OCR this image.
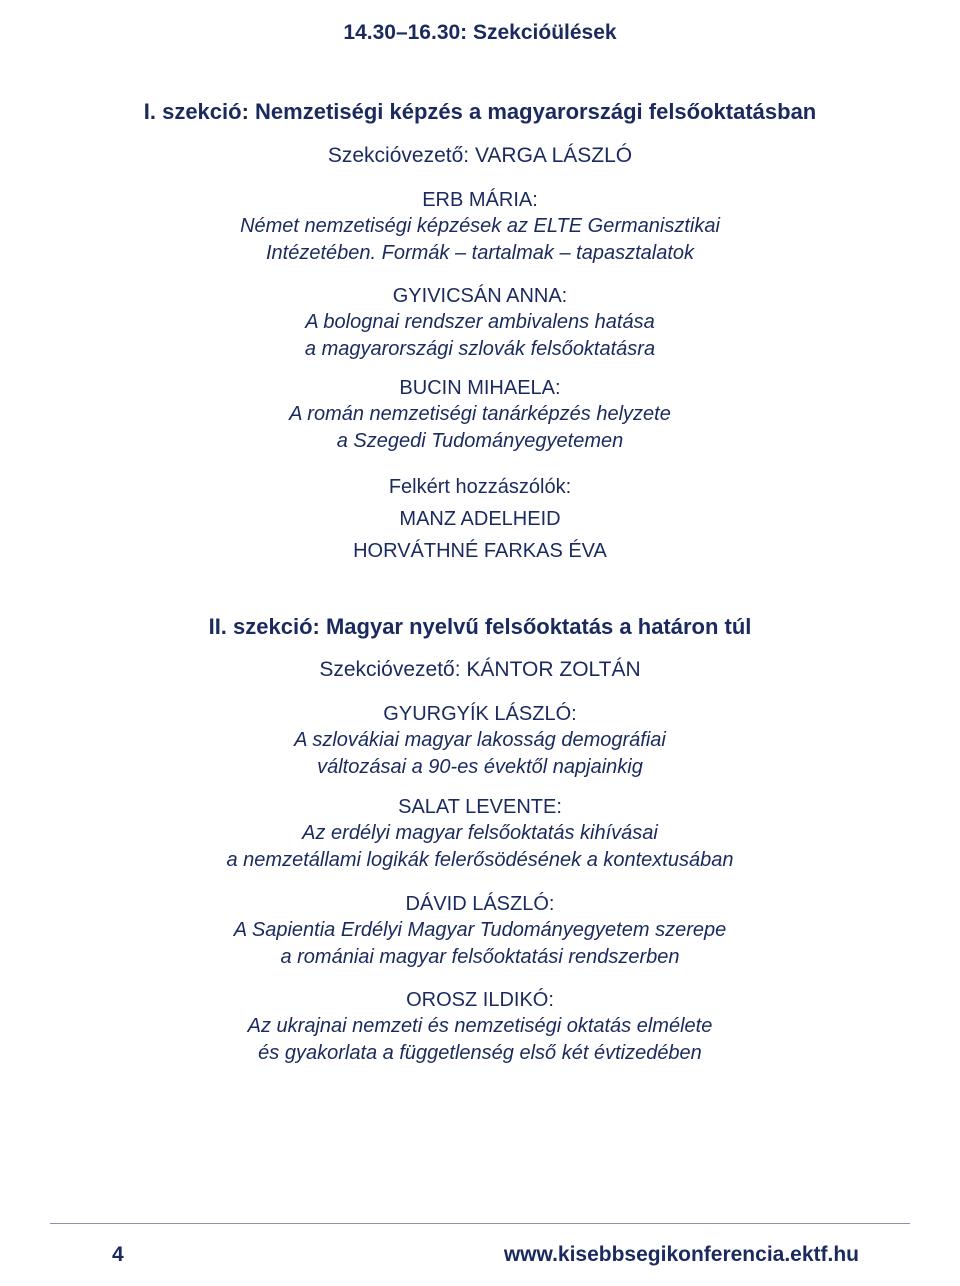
14.30–16.30: Szekcióülések
I. szekció: Nemzetiségi képzés a magyarországi felsőoktatásban
Szekcióvezető: VARGA LÁSZLÓ
ERB MÁRIA:
Német nemzetiségi képzések az ELTE Germanisztikai
Intézetében. Formák – tartalmak – tapasztalatok
GYIVICSÁN ANNA:
A bolognai rendszer ambivalens hatása
a magyarországi szlovák felsőoktatásra
BUCIN MIHAELA:
A román nemzetiségi tanárképzés helyzete
a Szegedi Tudományegyetemen
Felkért hozzászólók:
MANZ ADELHEID
HORVÁTHNÉ FARKAS ÉVA
II. szekció: Magyar nyelvű felsőoktatás a határon túl
Szekcióvezető: KÁNTOR ZOLTÁN
GYURGYÍK LÁSZLÓ:
A szlovákiai magyar lakosság demográfiai
változásai a 90-es évektől napjainkig
SALAT LEVENTE:
Az erdélyi magyar felsőoktatás kihívásai
a nemzetállami logikák felerősödésének a kontextusában
DÁVID LÁSZLÓ:
A Sapientia Erdélyi Magyar Tudományegyetem szerepe
a romániai magyar felsőoktatási rendszerben
OROSZ ILDIKÓ:
Az ukrajnai nemzeti és nemzetiségi oktatás elmélete
és gyakorlata a függetlenség első két évtizedében
4	www.kisebbsegikonferencia.ektf.hu
